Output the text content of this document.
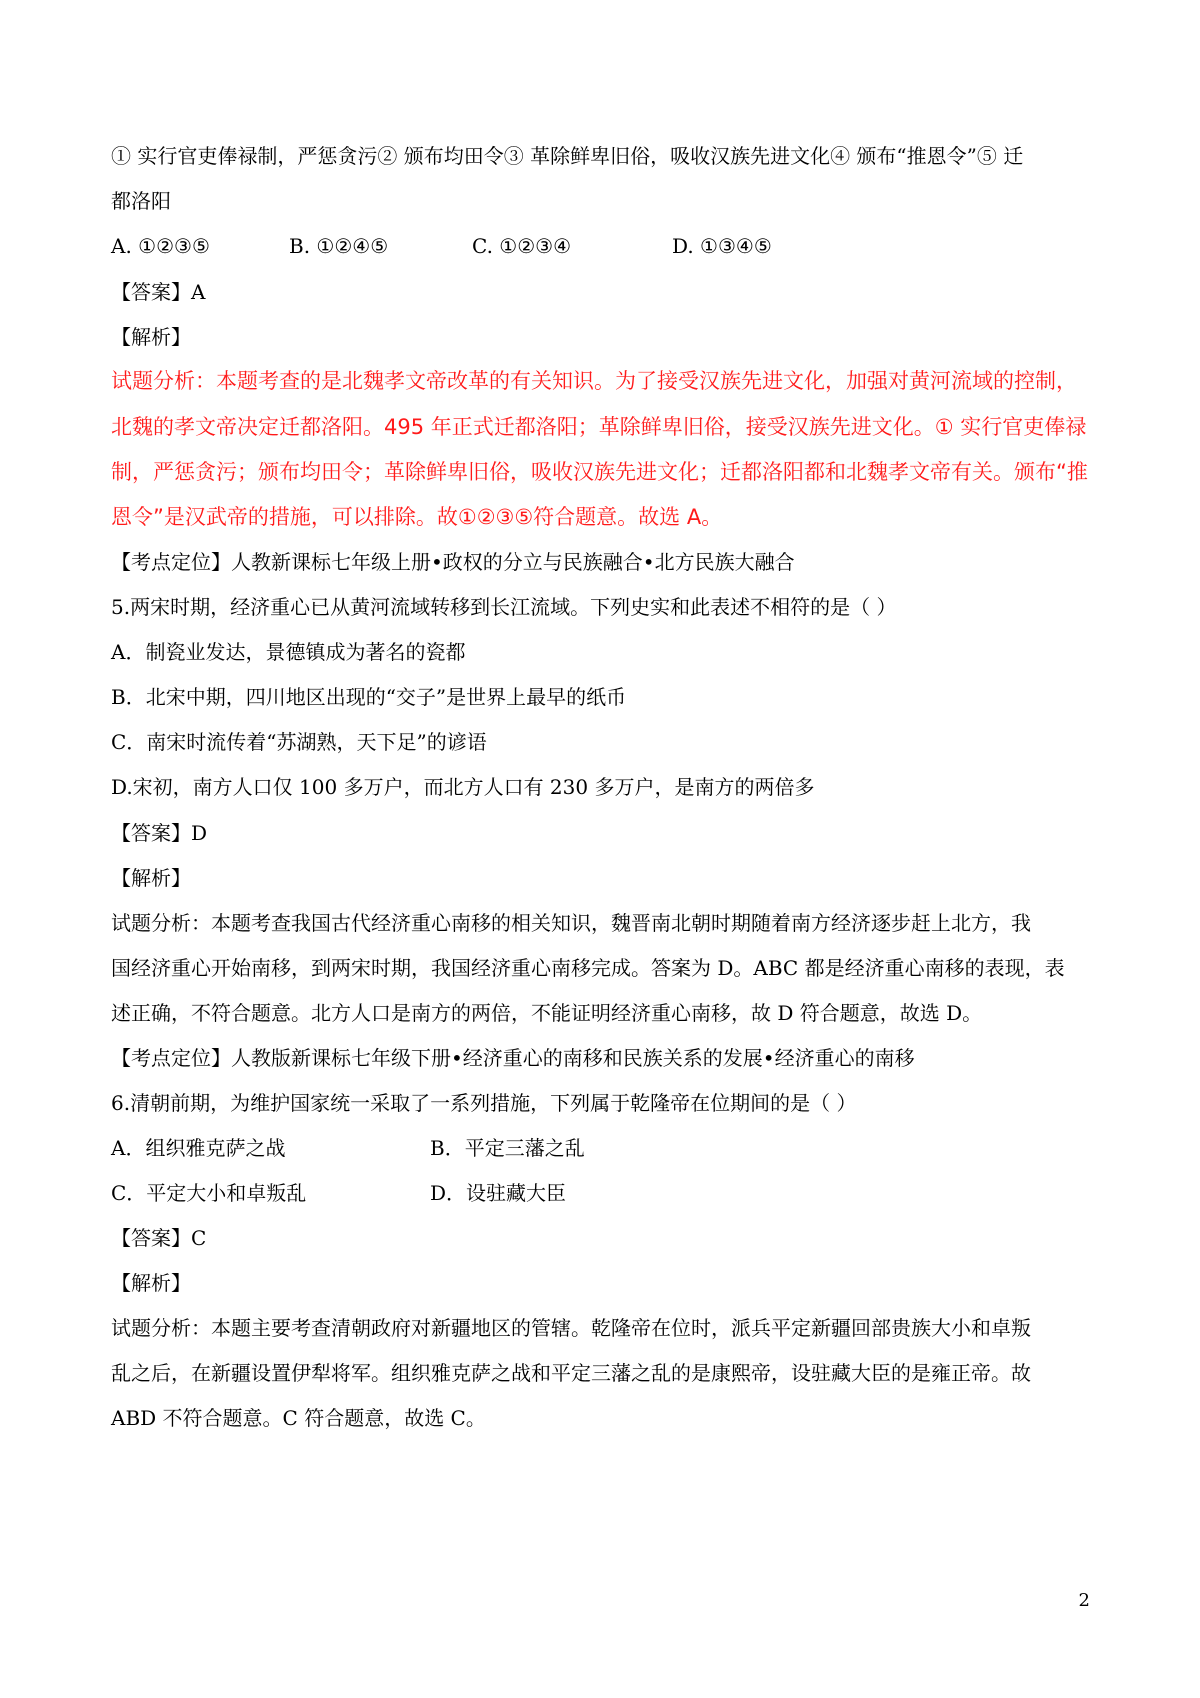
① 实行官吏俸禄制，严惩贪污② 颁布均田令③ 革除鲜卑旧俗，吸收汉族先进文化④ 颁布“推恩令”⑤ 迁
都洛阳
A. ①②③⑤	B. ①②④⑤	C. ①②③④	D. ①③④⑤
【答案】A
【解析】
试题分析：本题考查的是北魏孝文帝改革的有关知识。为了接受汉族先进文化，加强对黄河流域的控制，
北魏的孝文帝决定迁都洛阳。495 年正式迁都洛阳；革除鲜卑旧俗，接受汉族先进文化。① 实行官吏俸禄
制，严惩贪污；颁布均田令；革除鲜卑旧俗，吸收汉族先进文化；迁都洛阳都和北魏孝文帝有关。颁布“推
恩令”是汉武帝的措施，可以排除。故①②③⑤符合题意。故选 A。
【考点定位】人教新课标七年级上册•政权的分立与民族融合•北方民族大融合
5.两宋时期，经济重心已从黄河流域转移到长江流域。下列史实和此表述不相符的是（ ）
A．制瓷业发达，景德镇成为著名的瓷都
B．北宋中期，四川地区出现的“交子”是世界上最早的纸币
C．南宋时流传着“苏湖熟，天下足”的谚语
D.宋初，南方人口仅 100 多万户，而北方人口有 230 多万户，是南方的两倍多
【答案】D
【解析】
试题分析：本题考查我国古代经济重心南移的相关知识，魏晋南北朝时期随着南方经济逐步赶上北方，我
国经济重心开始南移，到两宋时期，我国经济重心南移完成。答案为 D。ABC 都是经济重心南移的表现，表
述正确，不符合题意。北方人口是南方的两倍，不能证明经济重心南移，故 D 符合题意，故选 D。
【考点定位】人教版新课标七年级下册•经济重心的南移和民族关系的发展•经济重心的南移
6.清朝前期，为维护国家统一采取了一系列措施，下列属于乾隆帝在位期间的是（ ）
A．组织雅克萨之战	B．平定三藩之乱
C．平定大小和卓叛乱	D．设驻藏大臣
【答案】C
【解析】
试题分析：本题主要考查清朝政府对新疆地区的管辖。乾隆帝在位时，派兵平定新疆回部贵族大小和卓叛
乱之后，在新疆设置伊犁将军。组织雅克萨之战和平定三藩之乱的是康熙帝，设驻藏大臣的是雍正帝。故
ABD 不符合题意。C 符合题意，故选 C。
2
